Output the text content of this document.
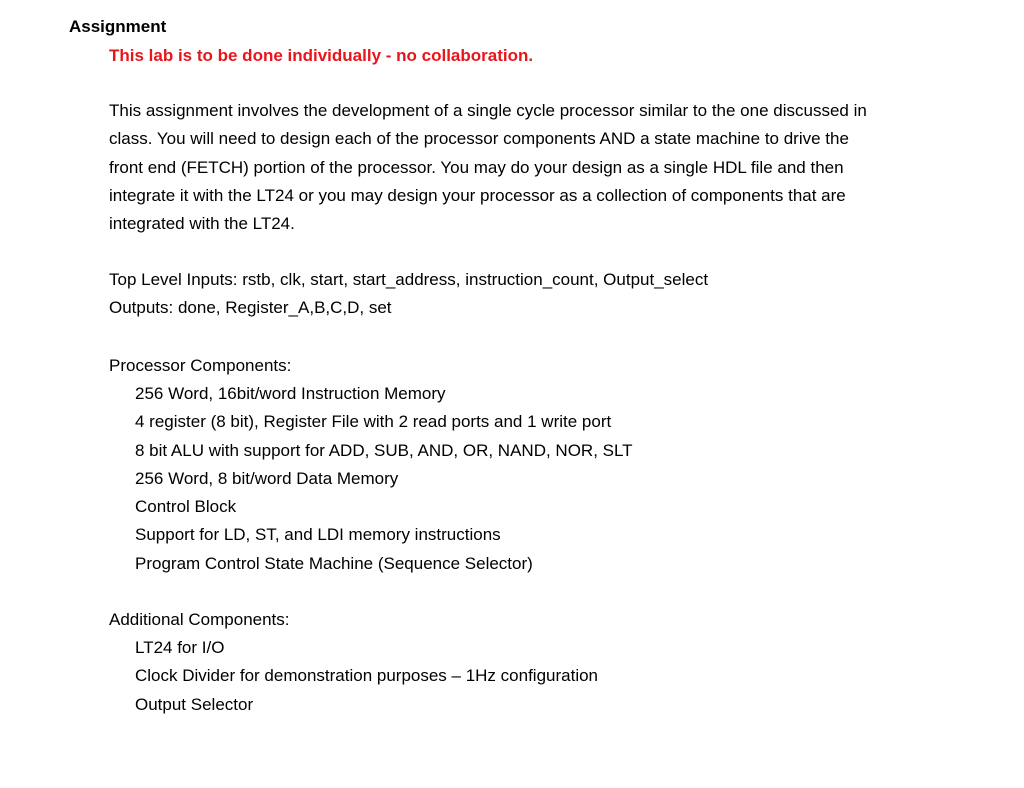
Assignment

This lab is to be done individually - no collaboration.

This assignment involves the development of a single cycle processor similar to the one discussed in
class. You will need to design each of the processor components AND a state machine to drive the
front end (FETCH) portion of the processor. You may do your design as a single HDL file and then
integrate it with the LT24 or you may design your processor as a collection of components that are
integrated with the LT24.

Top Level Inputs: rstb, clk, start, start_address, instruction_count, Output_select
Outputs: done, Register_A,B,C,D, set

Processor Components:

256 Word, 16bit/word Instruction Memory
4 register (8 bit), Register File with 2 read ports and 1 write port
8 bit ALU with support for ADD, SUB, AND, OR, NAND, NOR, SLT
256 Word, 8 bit/word Data Memory
Control Block
Support for LD, ST, and LDI memory instructions
Program Control State Machine (Sequence Selector)

Additional Components:

LT24 for I/O
Clock Divider for demonstration purposes – 1Hz configuration
Output Selector
